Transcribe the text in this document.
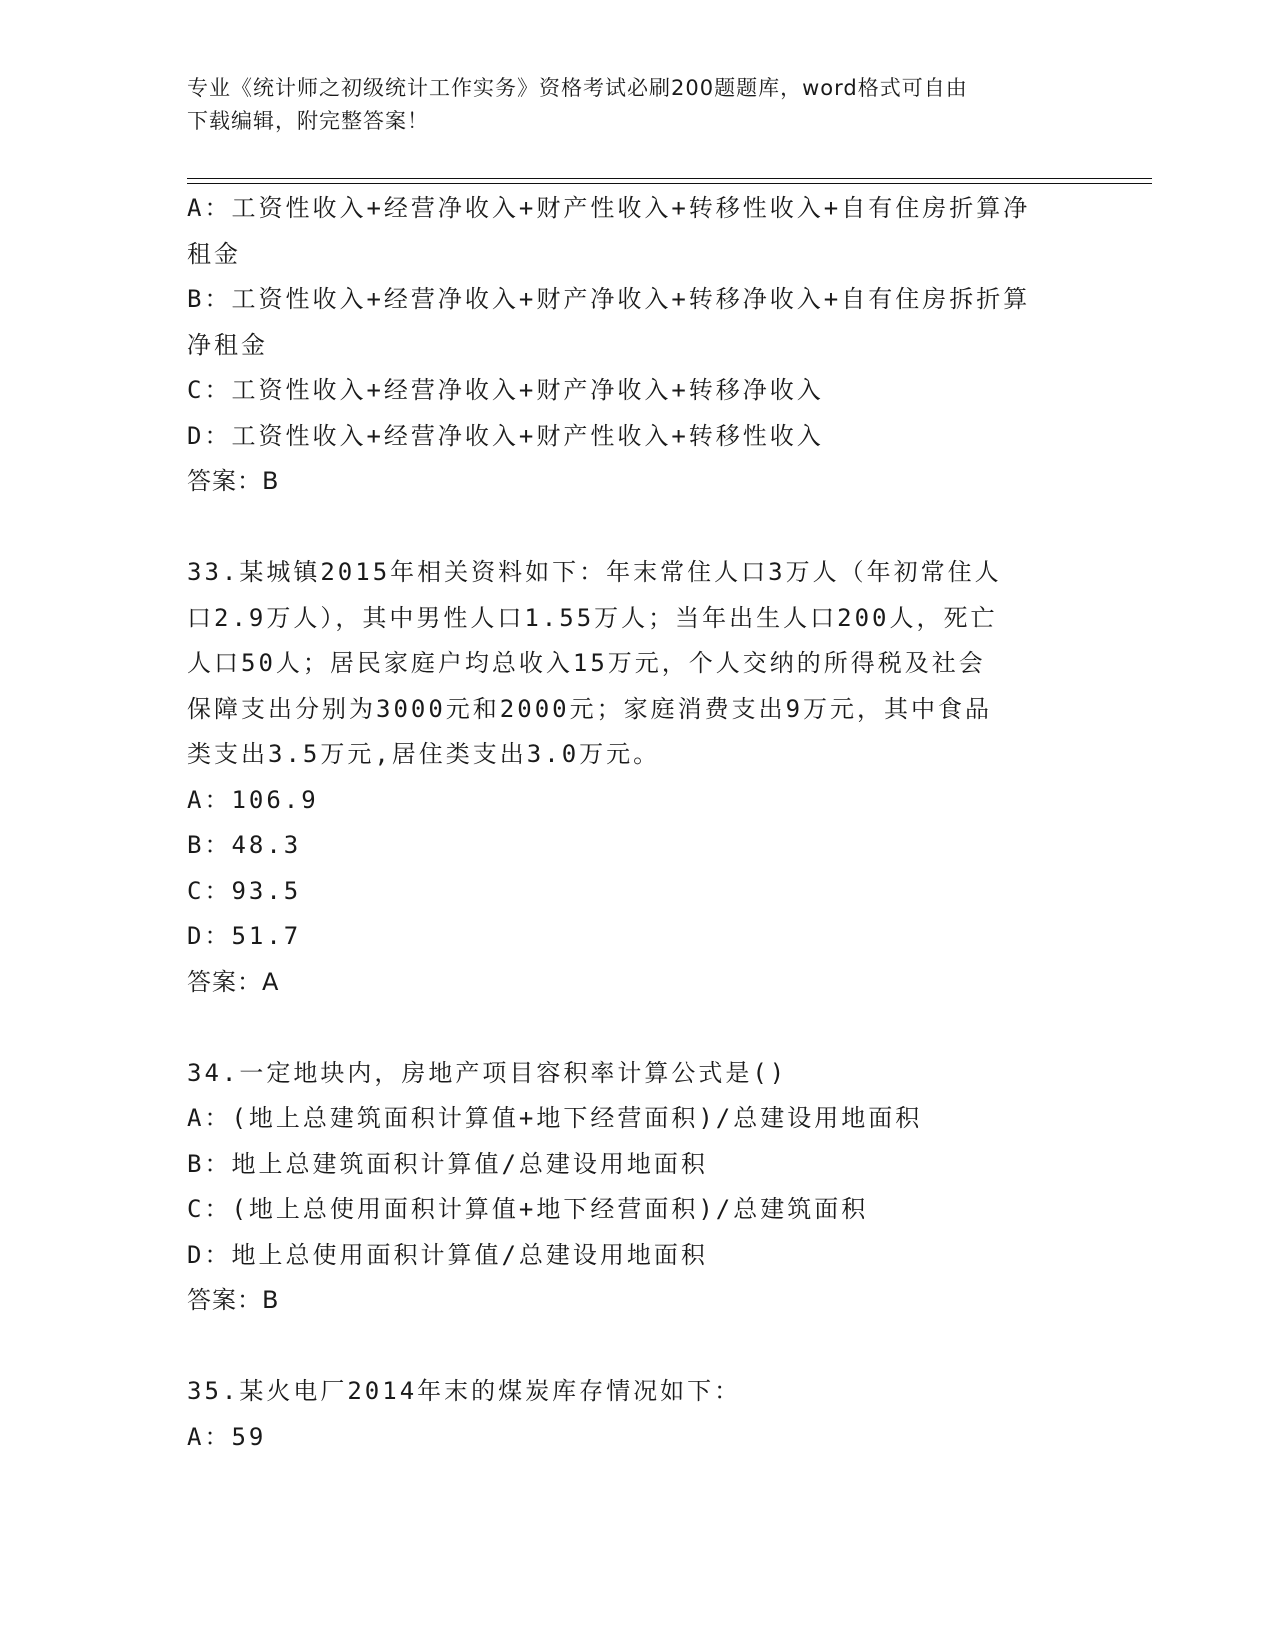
专业《统计师之初级统计工作实务》资格考试必刷200题题库，word格式可自由
下载编辑，附完整答案！
A：工资性收入+经营净收入+财产性收入+转移性收入+自有住房折算净
租金
B：工资性收入+经营净收入+财产净收入+转移净收入+自有住房拆折算
净租金
C：工资性收入+经营净收入+财产净收入+转移净收入
D：工资性收入+经营净收入+财产性收入+转移性收入
答案：B
33.某城镇2015年相关资料如下：年末常住人口3万人（年初常住人
口2.9万人），其中男性人口1.55万人；当年出生人口200人，死亡
人口50人；居民家庭户均总收入15万元，个人交纳的所得税及社会
保障支出分别为3000元和2000元；家庭消费支出9万元，其中食品
类支出3.5万元,居住类支出3.0万元。
A：106.9
B：48.3
C：93.5
D：51.7
答案：A
34.一定地块内，房地产项目容积率计算公式是()
A：(地上总建筑面积计算值+地下经营面积)/总建设用地面积
B：地上总建筑面积计算值/总建设用地面积
C：(地上总使用面积计算值+地下经营面积)/总建筑面积
D：地上总使用面积计算值/总建设用地面积
答案：B
35.某火电厂2014年末的煤炭库存情况如下：
A：59
